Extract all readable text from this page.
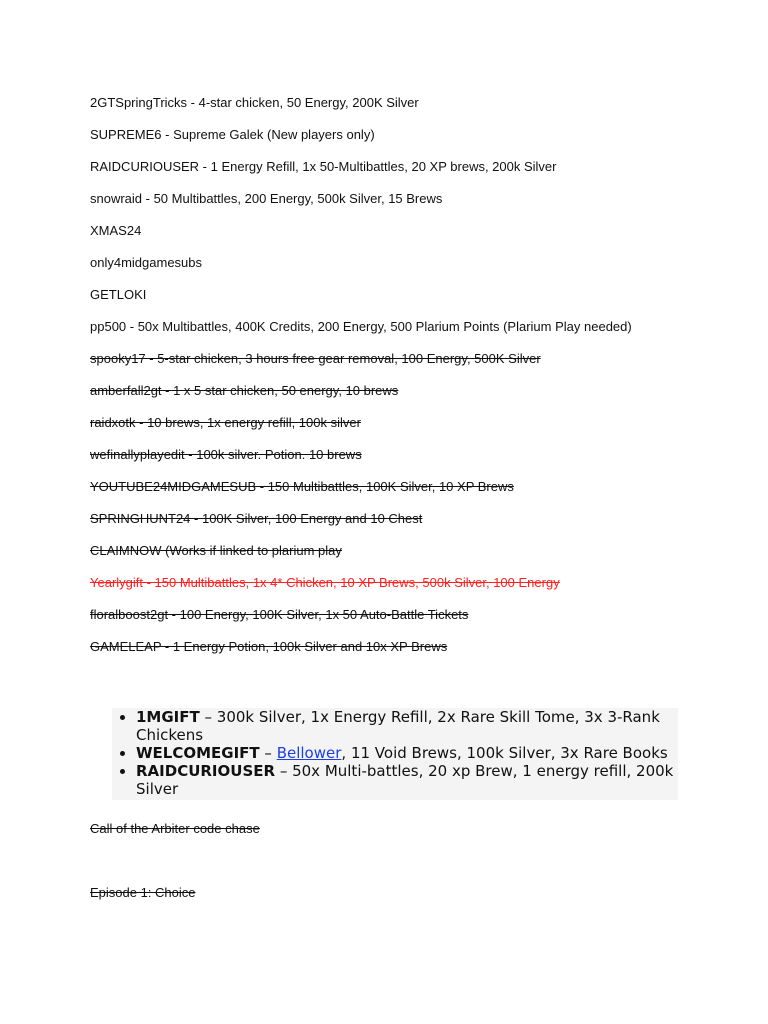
2GTSpringTricks - 4-star chicken, 50 Energy, 200K Silver
SUPREME6 - Supreme Galek (New players only)
RAIDCURIOUSER - 1 Energy Refill, 1x 50-Multibattles, 20 XP brews, 200k Silver
snowraid - 50 Multibattles, 200 Energy, 500k Silver, 15 Brews
XMAS24
only4midgamesubs
GETLOKI
pp500 - 50x Multibattles, 400K Credits, 200 Energy, 500 Plarium Points (Plarium Play needed)
spooky17 - 5-star chicken, 3 hours free gear removal, 100 Energy, 500K Silver
amberfall2gt - 1 x 5 star chicken, 50 energy, 10 brews
raidxotk - 10 brews, 1x energy refill, 100k silver
wefinallyplayedit - 100k silver. Potion. 10 brews
YOUTUBE24MIDGAMESUB - 150 Multibattles, 100K Silver, 10 XP Brews
SPRINGHUNT24 - 100K Silver, 100 Energy and 10 Chest
CLAIMNOW (Works if linked to plarium play
Yearlygift - 150 Multibattles, 1x 4* Chicken, 10 XP Brews, 500k Silver, 100 Energy
floralboost2gt - 100 Energy, 100K Silver, 1x 50 Auto-Battle Tickets
GAMELEAP - 1 Energy Potion, 100k Silver and 10x XP Brews
• 1MGIFT – 300k Silver, 1x Energy Refill, 2x Rare Skill Tome, 3x 3-Rank Chickens
• WELCOMEGIFT – Bellower, 11 Void Brews, 100k Silver, 3x Rare Books
• RAIDCURIOUSER – 50x Multi-battles, 20 xp Brew, 1 energy refill, 200k Silver
Call of the Arbiter code chase
Episode 1: Choice
